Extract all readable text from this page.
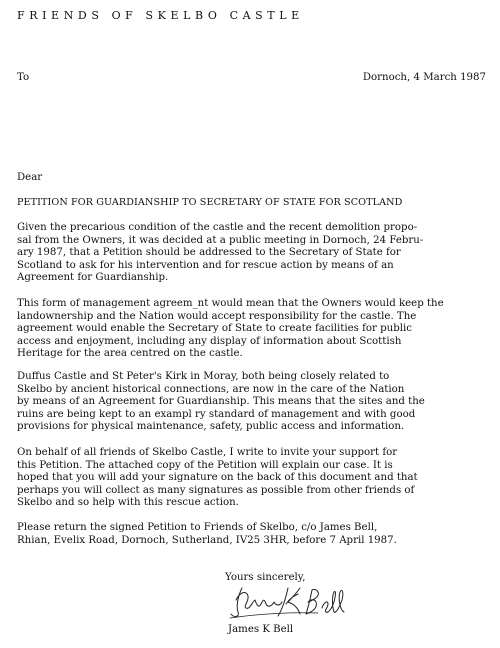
FRIENDS OF SKELBO CASTLE
To	Dornoch, 4 March 1987
Dear
PETITION FOR GUARDIANSHIP TO SECRETARY OF STATE FOR SCOTLAND
Given the precarious condition of the castle and the recent demolition propo-
sal from the Owners, it was decided at a public meeting in Dornoch, 24 Febru-
ary 1987, that a Petition should be addressed to the Secretary of State for
Scotland to ask for his intervention and for rescue action by means of an
Agreement for Guardianship.
This form of management agreem_nt would mean that the Owners would keep the
landownership and the Nation would accept responsibility for the castle. The
agreement would enable the Secretary of State to create facilities for public
access and enjoyment, including any display of information about Scottish
Heritage for the area centred on the castle.
Duffus Castle and St Peter's Kirk in Moray, both being closely related to
Skelbo by ancient historical connections, are now in the care of the Nation
by means of an Agreement for Guardianship. This means that the sites and the
ruins are being kept to an exampl ry standard of management and with good
provisions for physical maintenance, safety, public access and information.
On behalf of all friends of Skelbo Castle, I write to invite your support for
this Petition. The attached copy of the Petition will explain our case. It is
hoped that you will add your signature on the back of this document and that
perhaps you will collect as many signatures as possible from other friends of
Skelbo and so help with this rescue action.
Please return the signed Petition to Friends of Skelbo, c/o James Bell,
Rhian, Evelix Road, Dornoch, Sutherland, IV25 3HR, before 7 April 1987.
Yours sincerely,
James K Bell
